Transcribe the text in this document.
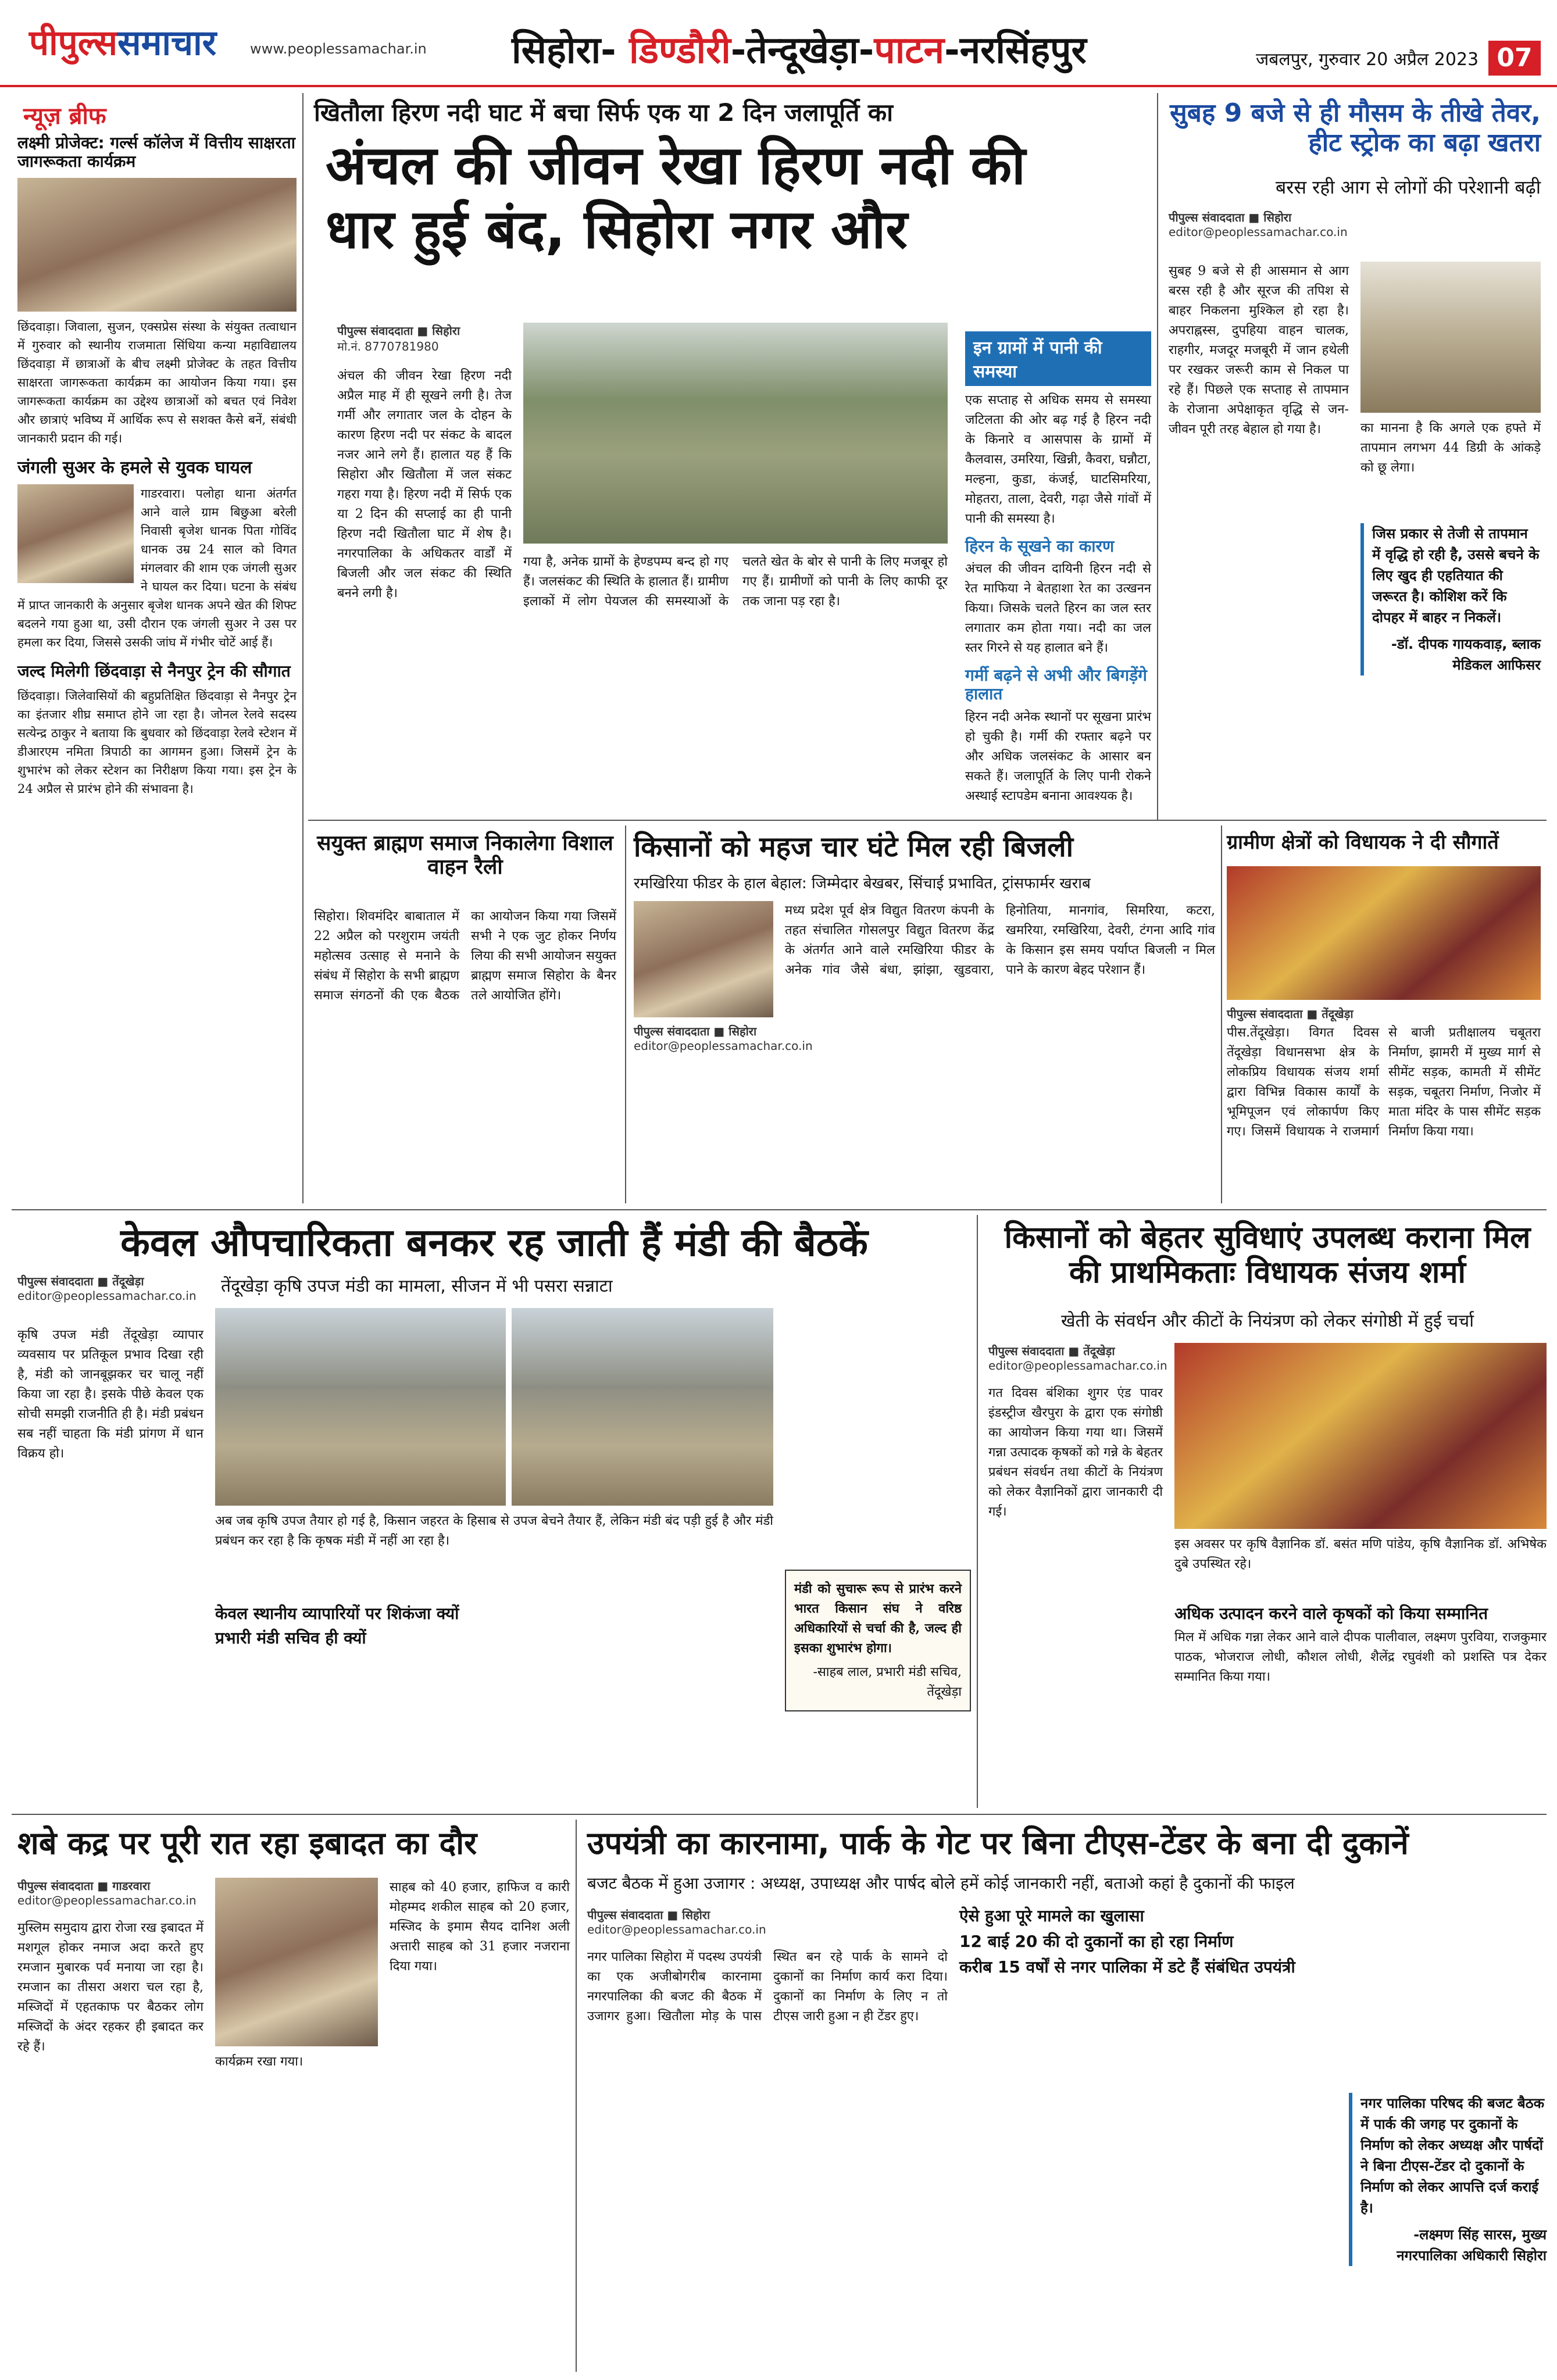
पीपुल्ससमाचार www.peoplessamachar.in सिहोरा- डिण्डौरी-तेन्दूखेड़ा-पाटन-नरसिंहपुर	जबलपुर, गुरुवार 20 अप्रैल 2023 07
न्यूज़ ब्रीफ
लक्ष्मी प्रोजेक्ट: गर्ल्स कॉलेज में वित्तीय साक्षरता जागरूकता कार्यक्रम
छिंदवाड़ा। जिवाला, सुजन, एक्सप्रेस संस्था के संयुक्त तत्वाधान में गुरुवार को स्थानीय राजमाता सिंधिया कन्या महाविद्यालय छिंदवाड़ा में छात्राओं के बीच लक्ष्मी प्रोजेक्ट के तहत वित्तीय साक्षरता जागरूकता कार्यक्रम का आयोजन किया गया। इस जागरूकता कार्यक्रम का उद्देश्य छात्राओं को बचत एवं निवेश और छात्राएं भविष्य में आर्थिक रूप से सशक्त कैसे बनें, संबंधी जानकारी प्रदान की गई।
जंगली सुअर के हमले से युवक घायल
गाडरवारा। पलोहा थाना अंतर्गत आने वाले ग्राम बिछुआ बरेली निवासी बृजेश धानक पिता गोविंद धानक उम्र 24 साल को विगत मंगलवार की शाम एक जंगली सुअर ने घायल कर दिया। घटना के संबंध में प्राप्त जानकारी के अनुसार बृजेश धानक अपने खेत की शिफ्ट बदलने गया हुआ था, उसी दौरान एक जंगली सुअर ने उस पर हमला कर दिया, जिससे उसकी जांघ में गंभीर चोटें आई हैं।
जल्द मिलेगी छिंदवाड़ा से नैनपुर ट्रेन की सौगात
छिंदवाड़ा। जिलेवासियों की बहुप्रतिक्षित छिंदवाड़ा से नैनपुर ट्रेन का इंतजार शीघ्र समाप्त होने जा रहा है। जोनल रेलवे सदस्य सत्येन्द्र ठाकुर ने बताया कि बुधवार को छिंदवाड़ा रेलवे स्टेशन में डीआरएम नमिता त्रिपाठी का आगमन हुआ। जिसमें ट्रेन के शुभारंभ को लेकर स्टेशन का निरीक्षण किया गया। इस ट्रेन के 24 अप्रैल से प्रारंभ होने की संभावना है।
खितौला हिरण नदी घाट में बचा सिर्फ एक या 2 दिन जलापूर्ति का
अंचल की जीवन रेखा हिरण नदी की
धार हुई बंद, सिहोरा नगर और
पीपुल्स संवाददाता ■ सिहोरा
मो.नं. 8770781980
अंचल की जीवन रेखा हिरण नदी अप्रैल माह में ही सूखने लगी है। तेज गर्मी और लगातार जल के दोहन के कारण हिरण नदी पर संकट के बादल नजर आने लगे हैं। हालात यह हैं कि सिहोरा और खितौला में जल संकट गहरा गया है। हिरण नदी में सिर्फ एक या 2 दिन की सप्लाई का ही पानी हिरण नदी खितौला घाट में शेष है। नगरपालिका के अधिकतर वार्डों में बिजली और जल संकट की स्थिति बनने लगी है।
गया है, अनेक ग्रामों के हेण्डपम्प बन्द हो गए हैं। जलसंकट की स्थिति के हालात हैं। ग्रामीण इलाकों में लोग पेयजल की समस्याओं के चलते खेत के बोर से पानी के लिए मजबूर हो गए हैं। ग्रामीणों को पानी के लिए काफी दूर तक जाना पड़ रहा है।
इन ग्रामों में पानी की समस्या
एक सप्ताह से अधिक समय से समस्या जटिलता की ओर बढ़ गई है हिरन नदी के किनारे व आसपास के ग्रामों में कैलवास, उमरिया, खिन्नी, कैवरा, घन्नौटा, मल्हना, कुडा, कंजई, घाटसिमरिया, मोहतरा, ताला, देवरी, गढ़ा जैसे गांवों में पानी की समस्या है।
हिरन के सूखने का कारण
अंचल की जीवन दायिनी हिरन नदी से रेत माफिया ने बेतहाशा रेत का उत्खनन किया। जिसके चलते हिरन का जल स्तर लगातार कम होता गया। नदी का जल स्तर गिरने से यह हालात बने हैं।
गर्मी बढ़ने से अभी और बिगड़ेंगे हालात
हिरन नदी अनेक स्थानों पर सूखना प्रारंभ हो चुकी है। गर्मी की रफ्तार बढ़ने पर और अधिक जलसंकट के आसार बन सकते हैं। जलापूर्ति के लिए पानी रोकने अस्थाई स्टापडेम बनाना आवश्यक है।
सुबह 9 बजे से ही मौसम के तीखे तेवर, हीट स्ट्रोक का बढ़ा खतरा
बरस रही आग से लोगों की परेशानी बढ़ी
पीपुल्स संवाददाता ■ सिहोरा
editor@peoplessamachar.co.in
सुबह 9 बजे से ही आसमान से आग बरस रही है और सूरज की तपिश से बाहर निकलना मुश्किल हो रहा है। अपराह्नस्स, दुपहिया वाहन चालक, राहगीर, मजदूर मजबूरी में जान हथेली पर रखकर जरूरी काम से निकल पा रहे हैं। पिछले एक सप्ताह से तापमान के रोजाना अपेक्षाकृत वृद्धि से जन-जीवन पूरी तरह बेहाल हो गया है।	का मानना है कि अगले एक हफ्ते में तापमान लगभग 44 डिग्री के आंकड़े को छू लेगा।
जिस प्रकार से तेजी से तापमान में वृद्धि हो रही है, उससे बचने के लिए खुद ही एहतियात की जरूरत है। कोशिश करें कि दोपहर में बाहर न निकलें।
-डॉ. दीपक गायकवाड़, ब्लाक मेडिकल आफिसर
सयुक्त ब्राह्मण समाज निकालेगा विशाल वाहन रैली
सिहोरा। शिवमंदिर बाबाताल में 22 अप्रैल को परशुराम जयंती महोत्सव उत्साह से मनाने के संबंध में सिहोरा के सभी ब्राह्मण समाज संगठनों की एक बैठक का आयोजन किया गया जिसमें सभी ने एक जुट होकर निर्णय लिया की सभी आयोजन सयुक्त ब्राह्मण समाज सिहोरा के बैनर तले आयोजित होंगे।
किसानों को महज चार घंटे मिल रही बिजली
रमखिरिया फीडर के हाल बेहाल: जिम्मेदार बेखबर, सिंचाई प्रभावित, ट्रांसफार्मर खराब
पीपुल्स संवाददाता ■ सिहोरा
editor@peoplessamachar.co.in
मध्य प्रदेश पूर्व क्षेत्र विद्युत वितरण कंपनी के तहत संचालित गोसलपुर विद्युत वितरण केंद्र के अंतर्गत आने वाले रमखिरिया फीडर के अनेक गांव जैसे बंधा, झांझा, खुडवारा, हिनोतिया, मानगांव, सिमरिया, कटरा, खमरिया, रमखिरिया, देवरी, टंगना आदि गांव के किसान इस समय पर्याप्त बिजली न मिल पाने के कारण बेहद परेशान हैं।
ग्रामीण क्षेत्रों को विधायक ने दी सौगातें
पीपुल्स संवाददाता ■ तेंदूखेड़ा
पीस.तेंदूखेड़ा। विगत दिवस तेंदूखेड़ा विधानसभा क्षेत्र के लोकप्रिय विधायक संजय शर्मा द्वारा विभिन्न विकास कार्यों के भूमिपूजन एवं लोकार्पण किए गए। जिसमें विधायक ने राजमार्ग से बाजी प्रतीक्षालय चबूतरा निर्माण, झामरी में मुख्य मार्ग से सीमेंट सड़क, कामती में सीमेंट सड़क, चबूतरा निर्माण, निजोर में माता मंदिर के पास सीमेंट सड़क निर्माण किया गया।
केवल औपचारिकता बनकर रह जाती हैं मंडी की बैठकें
तेंदूखेड़ा कृषि उपज मंडी का मामला, सीजन में भी पसरा सन्नाटा
पीपुल्स संवाददाता ■ तेंदूखेड़ा
editor@peoplessamachar.co.in
कृषि उपज मंडी तेंदूखेड़ा व्यापार व्यवसाय पर प्रतिकूल प्रभाव दिखा रही है, मंडी को जानबूझकर चर चालू नहीं किया जा रहा है। इसके पीछे केवल एक सोची समझी राजनीति ही है। मंडी प्रबंधन सब नहीं चाहता कि मंडी प्रांगण में धान विक्रय हो।
अब जब कृषि उपज तैयार हो गई है, किसान जहरत के हिसाब से उपज बेचने तैयार हैं, लेकिन मंडी बंद पड़ी हुई है और मंडी प्रबंधन कर रहा है कि कृषक मंडी में नहीं आ रहा है।
केवल स्थानीय व्यापारियों पर शिकंजा क्यों
प्रभारी मंडी सचिव ही क्यों
मंडी को सुचारू रूप से प्रारंभ करने भारत किसान संघ ने वरिष्ठ अधिकारियों से चर्चा की है, जल्द ही इसका शुभारंभ होगा।
-साहब लाल, प्रभारी मंडी सचिव, तेंदूखेड़ा
किसानों को बेहतर सुविधाएं उपलब्ध कराना मिल की प्राथमिकताः विधायक संजय शर्मा
खेती के संवर्धन और कीटों के नियंत्रण को लेकर संगोष्ठी में हुई चर्चा
पीपुल्स संवाददाता ■ तेंदूखेड़ा
editor@peoplessamachar.co.in
गत दिवस बंशिका शुगर एंड पावर इंडस्ट्रीज खैरपुरा के द्वारा एक संगोष्ठी का आयोजन किया गया था। जिसमें गन्ना उत्पादक कृषकों को गन्ने के बेहतर प्रबंधन संवर्धन तथा कीटों के नियंत्रण को लेकर वैज्ञानिकों द्वारा जानकारी दी गई।
इस अवसर पर कृषि वैज्ञानिक डॉ. बसंत मणि पांडेय, कृषि वैज्ञानिक डॉ. अभिषेक दुबे उपस्थित रहे।
अधिक उत्पादन करने वाले कृषकों को किया सम्मानित
मिल में अधिक गन्ना लेकर आने वाले दीपक पालीवाल, लक्ष्मण पुरविया, राजकुमार पाठक, भोजराज लोधी, कौशल लोधी, शैलेंद्र रघुवंशी को प्रशस्ति पत्र देकर सम्मानित किया गया।
शबे कद्र पर पूरी रात रहा इबादत का दौर
पीपुल्स संवाददाता ■ गाडरवारा
editor@peoplessamachar.co.in
मुस्लिम समुदाय द्वारा रोजा रख इबादत में मशगूल होकर नमाज अदा करते हुए रमजान मुबारक पर्व मनाया जा रहा है। रमजान का तीसरा अशरा चल रहा है, मस्जिदों में एहतकाफ पर बैठकर लोग मस्जिदों के अंदर रहकर ही इबादत कर रहे हैं।
कार्यक्रम रखा गया।
साहब को 40 हजार, हाफिज व कारी मोहम्मद शकील साहब को 20 हजार, मस्जिद के इमाम सैयद दानिश अली अत्तारी साहब को 31 हजार नजराना दिया गया।
उपयंत्री का कारनामा, पार्क के गेट पर बिना टीएस-टेंडर के बना दी दुकानें
बजट बैठक में हुआ उजागर : अध्यक्ष, उपाध्यक्ष और पार्षद बोले हमें कोई जानकारी नहीं, बताओ कहां है दुकानों की फाइल
पीपुल्स संवाददाता ■ सिहोरा
editor@peoplessamachar.co.in
नगर पालिका सिहोरा में पदस्थ उपयंत्री का एक अजीबोगरीब कारनामा नगरपालिका की बजट की बैठक में उजागर हुआ। खितौला मोड़ के पास स्थित बन रहे पार्क के सामने दो दुकानों का निर्माण कार्य करा दिया। दुकानों का निर्माण के लिए न तो टीएस जारी हुआ न ही टेंडर हुए।
ऐसे हुआ पूरे मामले का खुलासा
12 बाई 20 की दो दुकानों का हो रहा निर्माण
करीब 15 वर्षों से नगर पालिका में डटे हैं संबंधित उपयंत्री
नगर पालिका परिषद की बजट बैठक में पार्क की जगह पर दुकानों के निर्माण को लेकर अध्यक्ष और पार्षदों ने बिना टीएस-टेंडर दो दुकानों के निर्माण को लेकर आपत्ति दर्ज कराई है।
-लक्ष्मण सिंह सारस, मुख्य नगरपालिका अधिकारी सिहोरा
